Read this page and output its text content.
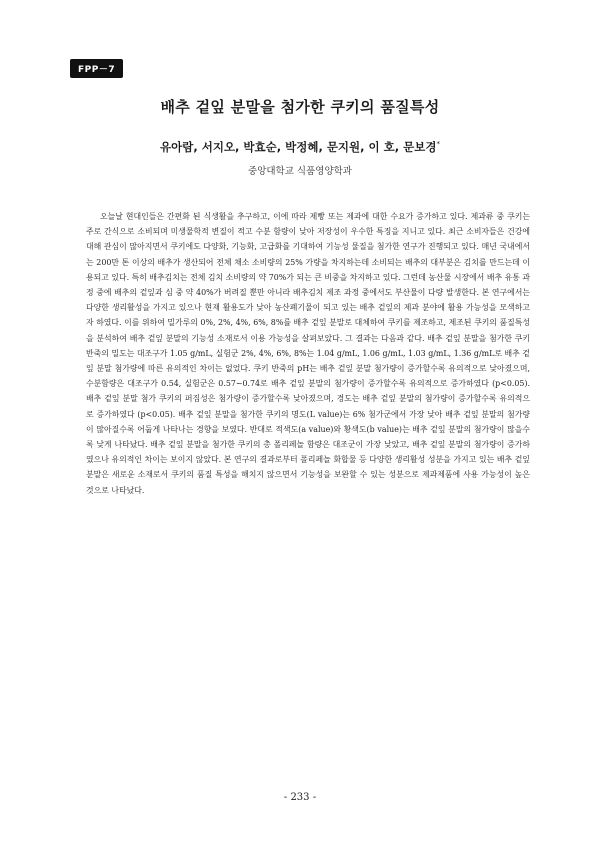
FPP－7
배추 겉잎 분말을 첨가한 쿠키의 품질특성
유아람, 서지오, 박효순, 박정혜, 문지원, 이 호, 문보경*
중앙대학교 식품영양학과
오늘날 현대인들은 간편화 된 식생활을 추구하고, 이에 따라 제빵 또는 제과에 대한 수요가 증가하고 있다. 제과류 중 쿠키는 주로 간식으로 소비되며 미생물학적 변질이 적고 수분 함량이 낮아 저장성이 우수한 특징을 지니고 있다. 최근 소비자들은 건강에 대해 관심이 많아지면서 쿠키에도 다양화, 기능화, 고급화를 기대하여 기능성 물질을 첨가한 연구가 진행되고 있다. 매년 국내에서는 200만 톤 이상의 배추가 생산되어 전체 채소 소비량의 25% 가량을 차지하는데 소비되는 배추의 대부분은 김치를 만드는데 이용되고 있다. 특히 배추김치는 전체 김치 소비량의 약 70%가 되는 큰 비중을 차지하고 있다. 그런데 농산물 시장에서 배추 유통 과정 중에 배추의 겉잎과 심 중 약 40%가 버려질 뿐만 아니라 배추김치 제조 과정 중에서도 부산물이 다량 발생한다. 본 연구에서는 다양한 생리활성을 가지고 있으나 현재 활용도가 낮아 농산폐기물이 되고 있는 배추 겉잎의 제과 분야에 활용 가능성을 모색하고자 하였다. 이를 위하여 밀가루의 0%, 2%, 4%, 6%, 8%를 배추 겉잎 분말로 대체하여 쿠키를 제조하고, 제조된 쿠키의 품질특성을 분석하여 배추 겉잎 분말의 기능성 소재로서 이용 가능성을 살펴보았다. 그 결과는 다음과 같다. 배추 겉잎 분말을 첨가한 쿠키 반죽의 밀도는 대조구가 1.05 g/mL, 실험군 2%, 4%, 6%, 8%는 1.04 g/mL, 1.06 g/mL, 1.03 g/mL, 1.36 g/mL로 배추 겉잎 분말 첨가량에 따른 유의적인 차이는 없었다. 쿠키 반죽의 pH는 배추 겉잎 분말 첨가량이 증가할수록 유의적으로 낮아졌으며, 수분함량은 대조구가 0.54, 실험군은 0.57∼0.74로 배추 겉잎 분말의 첨가량이 증가할수록 유의적으로 증가하였다 (p<0.05). 배추 겉잎 분말 첨가 쿠키의 퍼짐성은 첨가량이 증가할수록 낮아졌으며, 경도는 배추 겉잎 분말의 첨가량이 증가할수록 유의적으로 증가하였다 (p<0.05). 배추 겉잎 분말을 첨가한 쿠키의 명도(L value)는 6% 첨가군에서 가장 낮아 배추 겉잎 분말의 첨가량이 많아질수록 어둡게 나타나는 경향을 보였다. 반대로 적색도(a value)와 황색도(b value)는 배추 겉잎 분말의 첨가량이 많을수록 낮게 나타났다. 배추 겉잎 분말을 첨가한 쿠키의 총 폴리페놀 함량은 대조군이 가장 낮았고, 배추 겉잎 분말의 첨가량이 증가하였으나 유의적인 차이는 보이지 않았다. 본 연구의 결과로부터 폴리페놀 화합물 등 다양한 생리활성 성분을 가지고 있는 배추 겉잎 분말은 새로운 소재로서 쿠키의 품질 특성을 해치지 않으면서 기능성을 보완할 수 있는 성분으로 제과제품에 사용 가능성이 높은 것으로 나타났다.
- 233 -
